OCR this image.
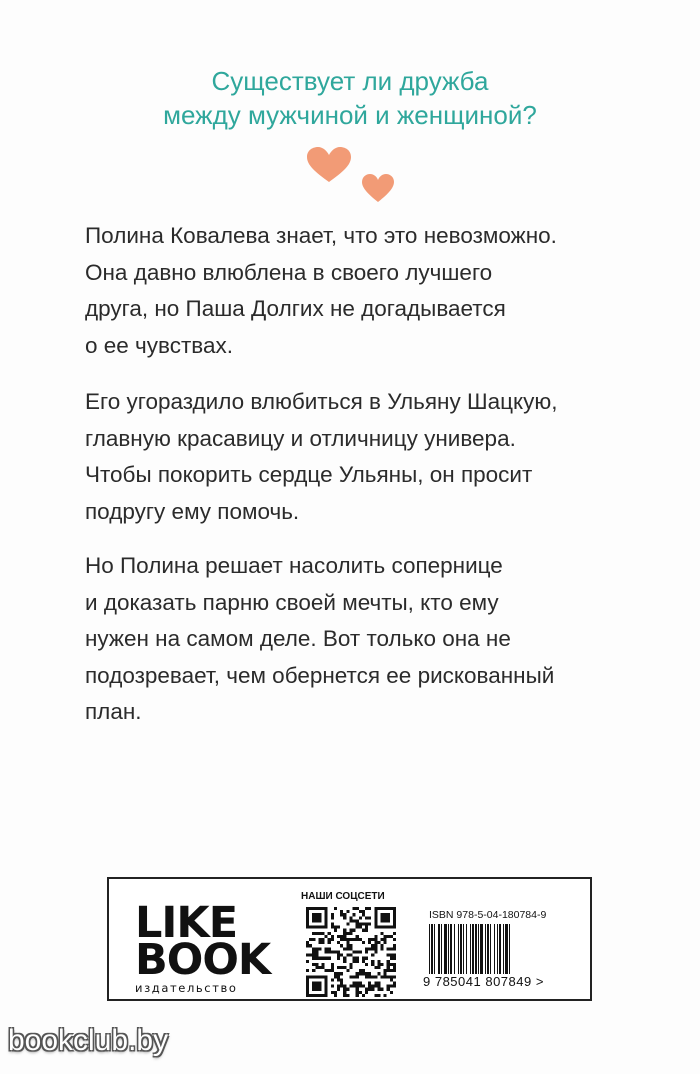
Существует ли дружба
между мужчиной и женщиной?
Полина Ковалева знает, что это невозможно.
Она давно влюблена в своего лучшего
друга, но Паша Долгих не догадывается
о ее чувствах.
Его угораздило влюбиться в Ульяну Шацкую,
главную красавицу и отличницу универа.
Чтобы покорить сердце Ульяны, он просит
подругу ему помочь.
Но Полина решает насолить сопернице
и доказать парню своей мечты, кто ему
нужен на самом деле. Вот только она не
подозревает, чем обернется ее рискованный
план.
LIKE
BOOK
издательство
НАШИ СОЦСЕТИ
ISBN 978-5-04-180784-9
9 785041 807849 >
bookclub.by
